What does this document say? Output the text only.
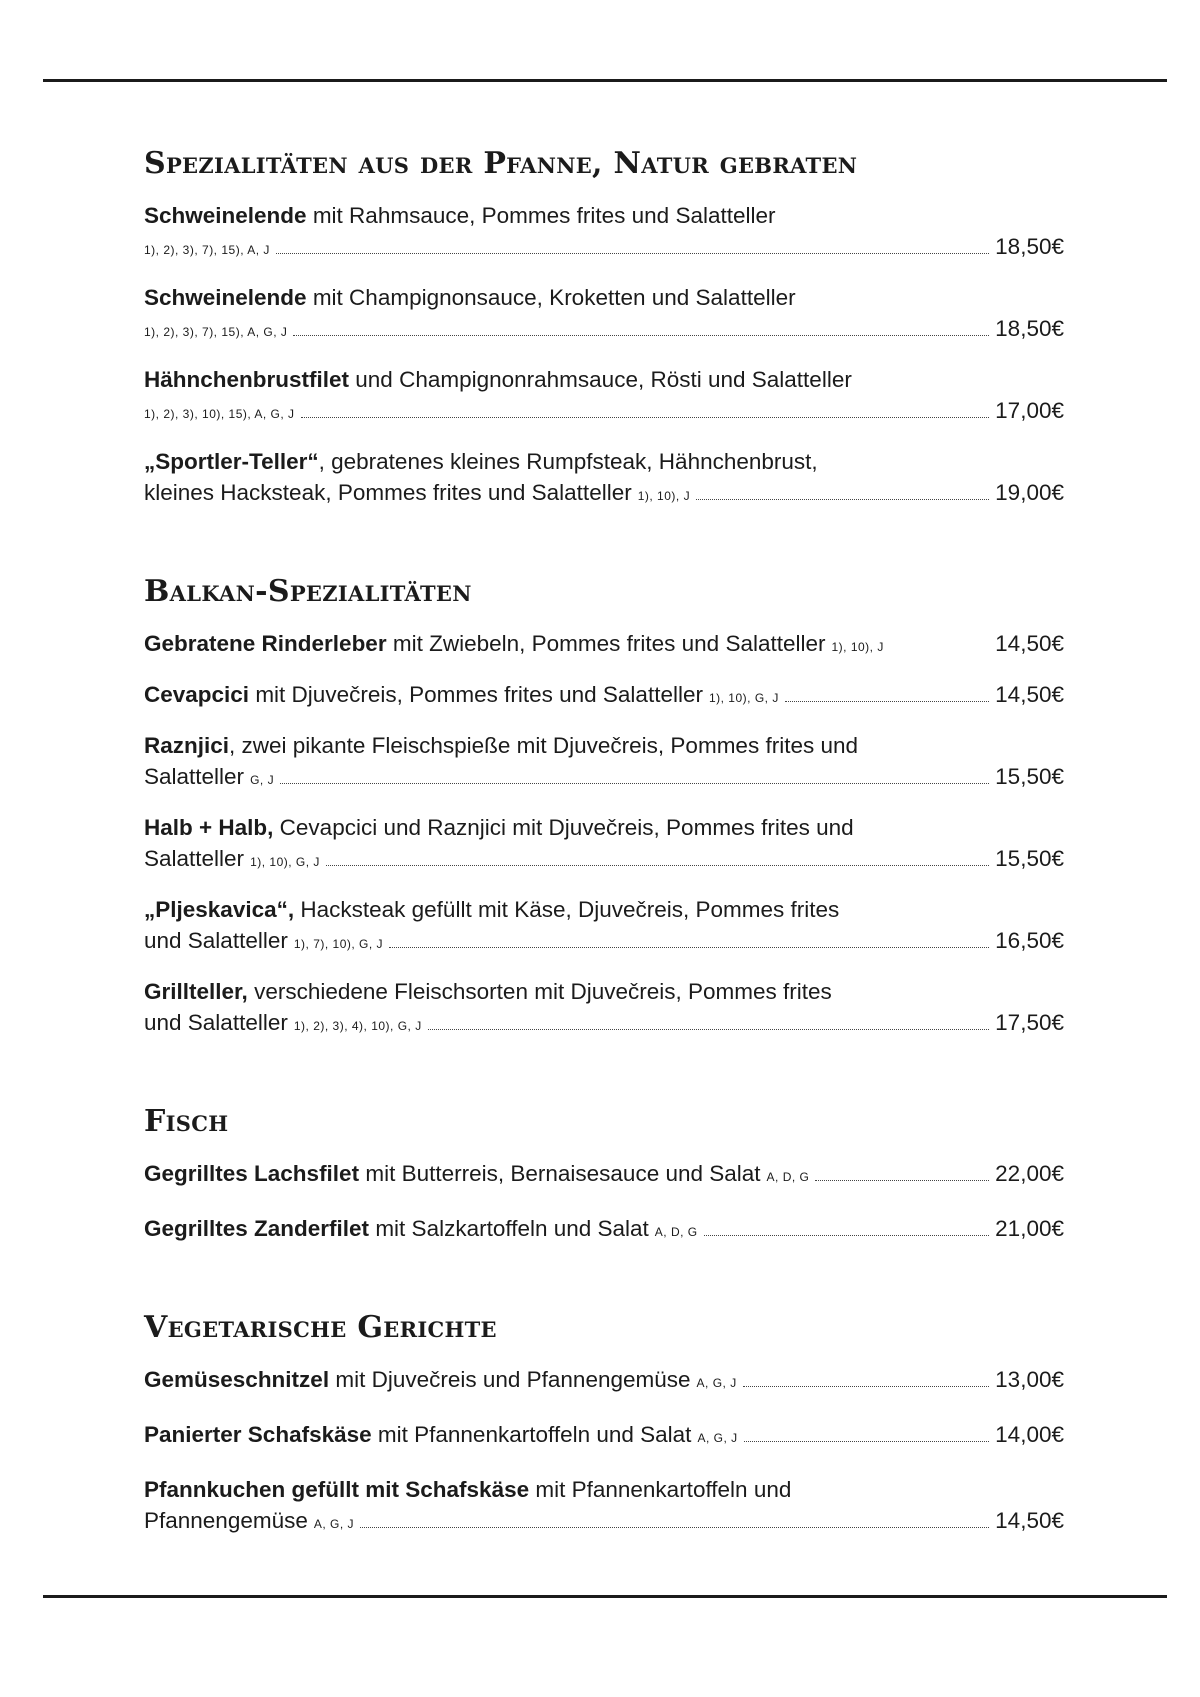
Spezialitäten aus der Pfanne, Natur gebraten
Schweinelende mit Rahmsauce, Pommes frites und Salatteller
1), 2), 3), 7), 15), A, J	18,50€
Schweinelende mit Champignonsauce, Kroketten und Salatteller
1), 2), 3), 7), 15), A, G, J	18,50€
Hähnchenbrustfilet und Champignonrahmsauce, Rösti und Salatteller
1), 2), 3), 10), 15), A, G, J	17,00€
„Sportler-Teller“, gebratenes kleines Rumpfsteak, Hähnchenbrust,
kleines Hacksteak, Pommes frites und Salatteller 1), 10), J	19,00€
Balkan-Spezialitäten
Gebratene Rinderleber mit Zwiebeln, Pommes frites und Salatteller 1), 10), J	14,50€
Cevapcici mit Djuvečreis, Pommes frites und Salatteller 1), 10), G, J	14,50€
Raznjici, zwei pikante Fleischspieße mit Djuvečreis, Pommes frites und
Salatteller G, J	15,50€
Halb + Halb, Cevapcici und Raznjici mit Djuvečreis, Pommes frites und
Salatteller 1), 10), G, J	15,50€
„Pljeskavica“, Hacksteak gefüllt mit Käse, Djuvečreis, Pommes frites
und Salatteller 1), 7), 10), G, J	16,50€
Grillteller, verschiedene Fleischsorten mit Djuvečreis, Pommes frites
und Salatteller 1), 2), 3), 4), 10), G, J	17,50€
Fisch
Gegrilltes Lachsfilet mit Butterreis, Bernaisesauce und Salat A, D, G	22,00€
Gegrilltes Zanderfilet mit Salzkartoffeln und Salat A, D, G	21,00€
Vegetarische Gerichte
Gemüseschnitzel mit Djuvečreis und Pfannengemüse A, G, J	13,00€
Panierter Schafskäse mit Pfannenkartoffeln und Salat A, G, J	14,00€
Pfannkuchen gefüllt mit Schafskäse mit Pfannenkartoffeln und
Pfannengemüse A, G, J	14,50€
